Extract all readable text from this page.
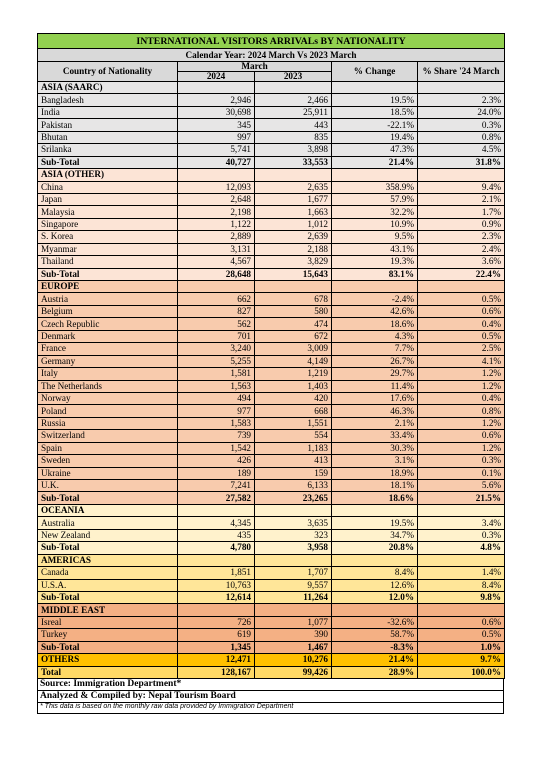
INTERNATIONAL VISITORS ARRIVALs BY NATIONALITY				
Calendar Year: 2024 March Vs 2023 March				
Country of Nationality	March		% Change	% Share '24 March
	2024	2023		
ASIA (SAARC)				
Bangladesh	2,946	2,466	19.5%	2.3%
India	30,698	25,911	18.5%	24.0%
Pakistan	345	443	-22.1%	0.3%
Bhutan	997	835	19.4%	0.8%
Srilanka	5,741	3,898	47.3%	4.5%
Sub-Total	40,727	33,553	21.4%	31.8%
ASIA (OTHER)				
China	12,093	2,635	358.9%	9.4%
Japan	2,648	1,677	57.9%	2.1%
Malaysia	2,198	1,663	32.2%	1.7%
Singapore	1,122	1,012	10.9%	0.9%
S. Korea	2,889	2,639	9.5%	2.3%
Myanmar	3,131	2,188	43.1%	2.4%
Thailand	4,567	3,829	19.3%	3.6%
Sub-Total	28,648	15,643	83.1%	22.4%
EUROPE				
Austria	662	678	-2.4%	0.5%
Belgium	827	580	42.6%	0.6%
Czech Republic	562	474	18.6%	0.4%
Denmark	701	672	4.3%	0.5%
France	3,240	3,009	7.7%	2.5%
Germany	5,255	4,149	26.7%	4.1%
Italy	1,581	1,219	29.7%	1.2%
The Netherlands	1,563	1,403	11.4%	1.2%
Norway	494	420	17.6%	0.4%
Poland	977	668	46.3%	0.8%
Russia	1,583	1,551	2.1%	1.2%
Switzerland	739	554	33.4%	0.6%
Spain	1,542	1,183	30.3%	1.2%
Sweden	426	413	3.1%	0.3%
Ukraine	189	159	18.9%	0.1%
U.K.	7,241	6,133	18.1%	5.6%
Sub-Total	27,582	23,265	18.6%	21.5%
OCEANIA				
Australia	4,345	3,635	19.5%	3.4%
New Zealand	435	323	34.7%	0.3%
Sub-Total	4,780	3,958	20.8%	4.8%
AMERICAS				
Canada	1,851	1,707	8.4%	1.4%
U.S.A.	10,763	9,557	12.6%	8.4%
Sub-Total	12,614	11,264	12.0%	9.8%
MIDDLE EAST				
Isreal	726	1,077	-32.6%	0.6%
Turkey	619	390	58.7%	0.5%
Sub-Total	1,345	1,467	-8.3%	1.0%
OTHERS	12,471	10,276	21.4%	9.7%
Total	128,167	99,426	28.9%	100.0%
Source: Immigration Department*
Analyzed & Compiled by: Nepal Tourism Board
* This data is based on the monthly raw data provided by Immigration Department
